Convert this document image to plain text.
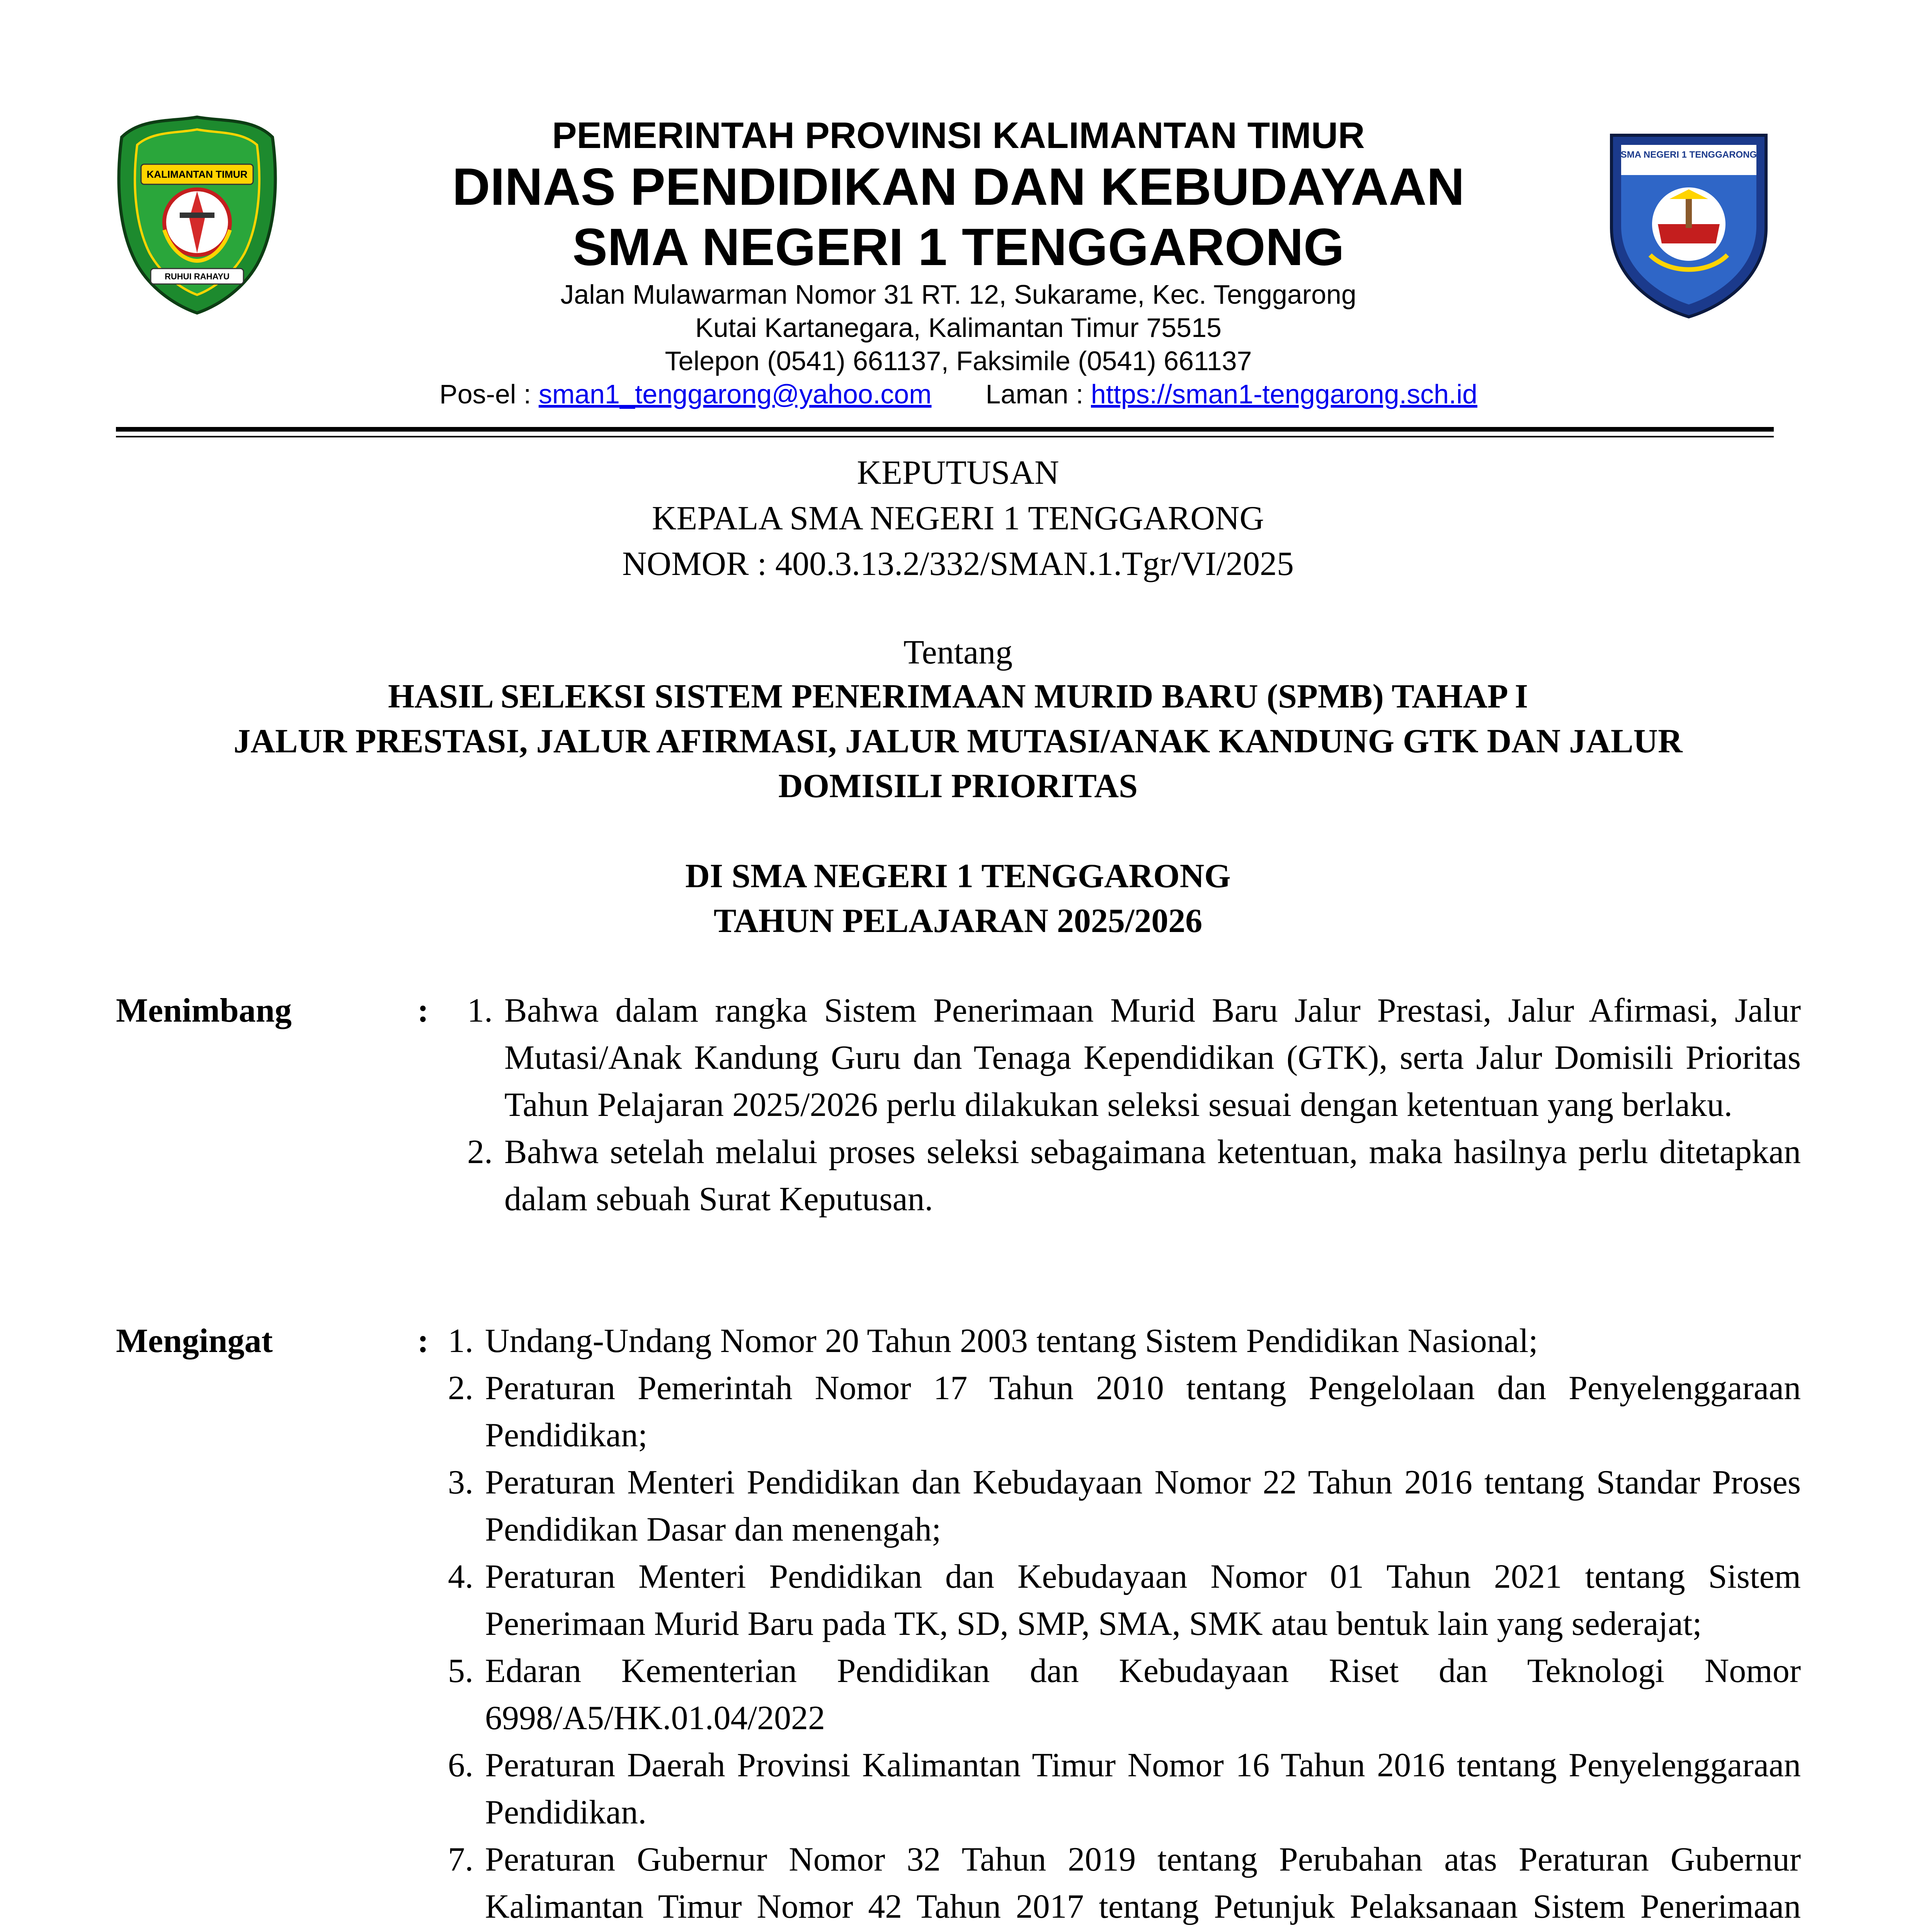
KALIMANTAN TIMUR
RUHUI RAHAYU
PEMERINTAH PROVINSI KALIMANTAN TIMUR
DINAS PENDIDIKAN DAN KEBUDAYAAN
SMA NEGERI 1 TENGGARONG
Jalan Mulawarman Nomor 31 RT. 12, Sukarame, Kec. Tenggarong
Kutai Kartanegara, Kalimantan Timur 75515
Telepon (0541) 661137, Faksimile (0541) 661137
Pos-el : sman1_tenggarong@yahoo.com Laman : https://sman1-tenggarong.sch.id
SMA NEGERI 1 TENGGARONG
KEPUTUSAN
KEPALA SMA NEGERI 1 TENGGARONG
NOMOR : 400.3.13.2/332/SMAN.1.Tgr/VI/2025
Tentang
HASIL SELEKSI SISTEM PENERIMAAN MURID BARU (SPMB) TAHAP I
JALUR PRESTASI, JALUR AFIRMASI, JALUR MUTASI/ANAK KANDUNG GTK DAN JALUR
DOMISILI PRIORITAS
DI SMA NEGERI 1 TENGGARONG
TAHUN PELAJARAN 2025/2026
Menimbang	:	1. Bahwa dalam rangka Sistem Penerimaan Murid Baru Jalur Prestasi, Jalur Afirmasi, Jalur Mutasi/Anak Kandung Guru dan Tenaga Kependidikan (GTK), serta Jalur Domisili Prioritas Tahun Pelajaran 2025/2026 perlu dilakukan seleksi sesuai dengan ketentuan yang berlaku.
2. Bahwa setelah melalui proses seleksi sebagaimana ketentuan, maka hasilnya perlu ditetapkan dalam sebuah Surat Keputusan.
Mengingat	: 1. Undang-Undang Nomor 20 Tahun 2003 tentang Sistem Pendidikan Nasional;
2. Peraturan Pemerintah Nomor 17 Tahun 2010 tentang Pengelolaan dan Penyelenggaraan Pendidikan;
3. Peraturan Menteri Pendidikan dan Kebudayaan Nomor 22 Tahun 2016 tentang Standar Proses Pendidikan Dasar dan menengah;
4. Peraturan Menteri Pendidikan dan Kebudayaan Nomor 01 Tahun 2021 tentang Sistem Penerimaan Murid Baru pada TK, SD, SMP, SMA, SMK atau bentuk lain yang sederajat;
5. Edaran Kementerian Pendidikan dan Kebudayaan Riset dan Teknologi Nomor 6998/A5/HK.01.04/2022
6. Peraturan Daerah Provinsi Kalimantan Timur Nomor 16 Tahun 2016 tentang Penyelenggaraan Pendidikan.
7. Peraturan Gubernur Nomor 32 Tahun 2019 tentang Perubahan atas Peraturan Gubernur Kalimantan Timur Nomor 42 Tahun 2017 tentang Petunjuk Pelaksanaan Sistem Penerimaan
